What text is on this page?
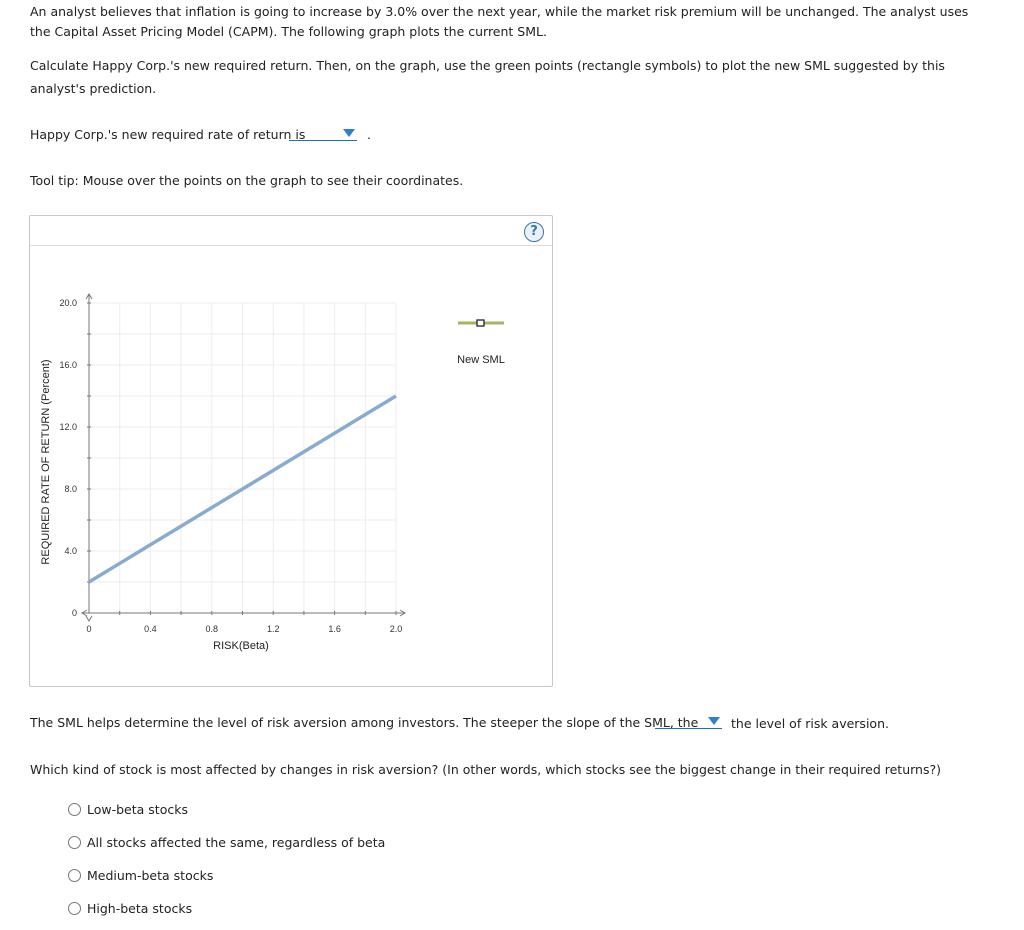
An analyst believes that inflation is going to increase by 3.0% over the next year, while the market risk premium will be unchanged. The analyst uses
the Capital Asset Pricing Model (CAPM). The following graph plots the current SML.
Calculate Happy Corp.'s new required return. Then, on the graph, use the green points (rectangle symbols) to plot the new SML suggested by this
analyst's prediction.
Happy Corp.'s new required rate of return is	.
Tool tip: Mouse over the points on the graph to see their coordinates.
?
0	0.4	0.8	1.2	1.6	2.0
0
4.0
8.0
12.0
16.0
20.0
RISK(Beta)
REQUIRED RATE OF RETURN (Percent)	New SML
The SML helps determine the level of risk aversion among investors. The steeper the slope of the SML, the	the level of risk aversion.
Which kind of stock is most affected by changes in risk aversion? (In other words, which stocks see the biggest change in their required returns?)
Low-beta stocks
All stocks affected the same, regardless of beta
Medium-beta stocks
High-beta stocks
